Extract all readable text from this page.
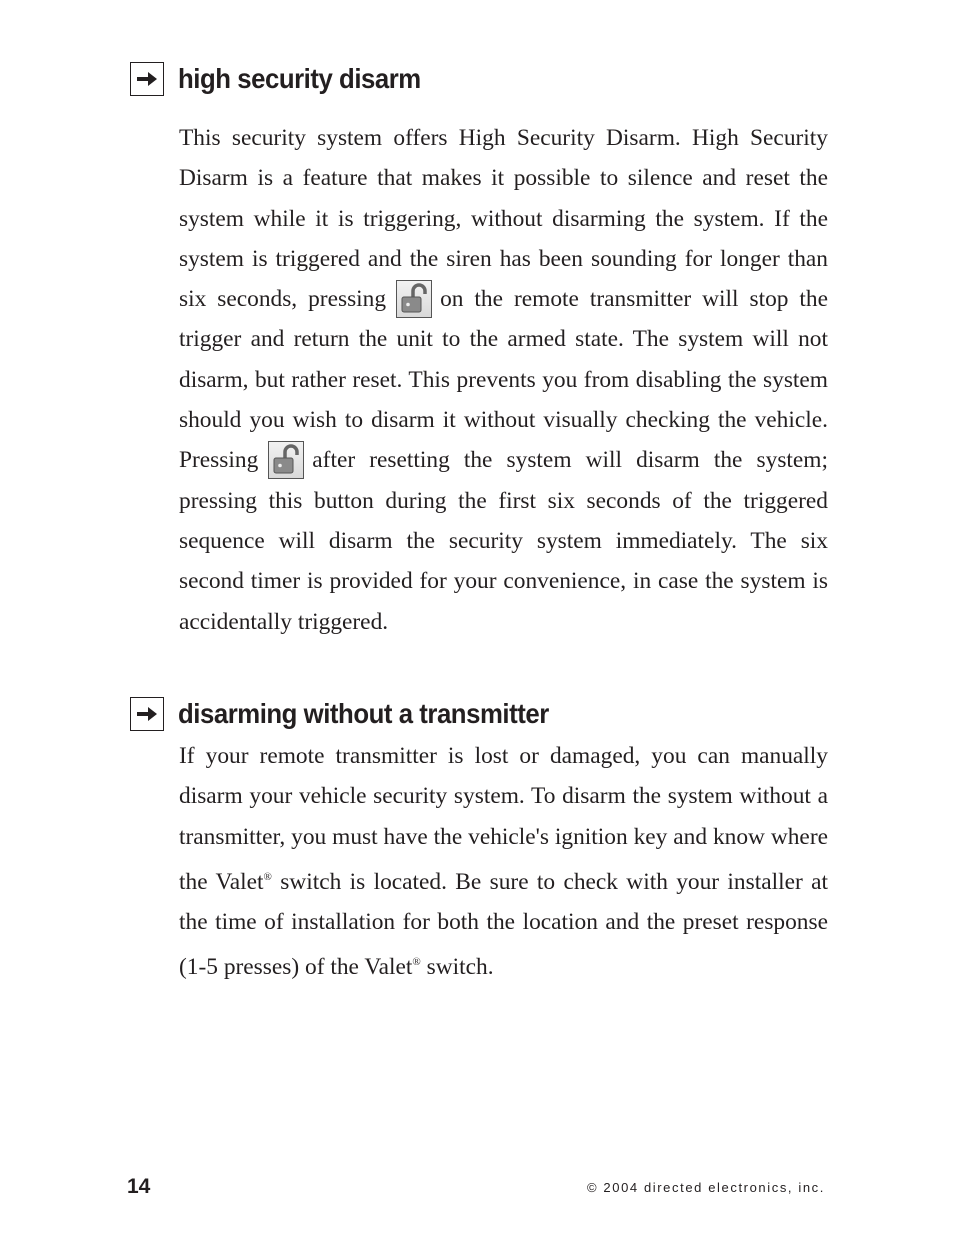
high security disarm

This security system offers High Security Disarm. High Security Disarm is a feature that makes it possible to silence and reset the system while it is triggering, without disarming the system. If the system is triggered and the siren has been sounding for longer than six seconds, pressing on the remote transmitter will stop the trigger and return the unit to the armed state. The system will not disarm, but rather reset. This prevents you from disabling the system should you wish to disarm it without visually checking the vehicle. Pressing after resetting the system will disarm the system; pressing this button during the first six seconds of the triggered sequence will disarm the security system immediately. The six second timer is provided for your convenience, in case the system is accidentally triggered.

disarming without a transmitter

If your remote transmitter is lost or damaged, you can manually disarm your vehicle security system. To disarm the system without a transmitter, you must have the vehicle's ignition key and know where the Valet® switch is located. Be sure to check with your installer at the time of installation for both the location and the preset response (1-5 presses) of the Valet® switch.

14	© 2004 directed electronics, inc.
